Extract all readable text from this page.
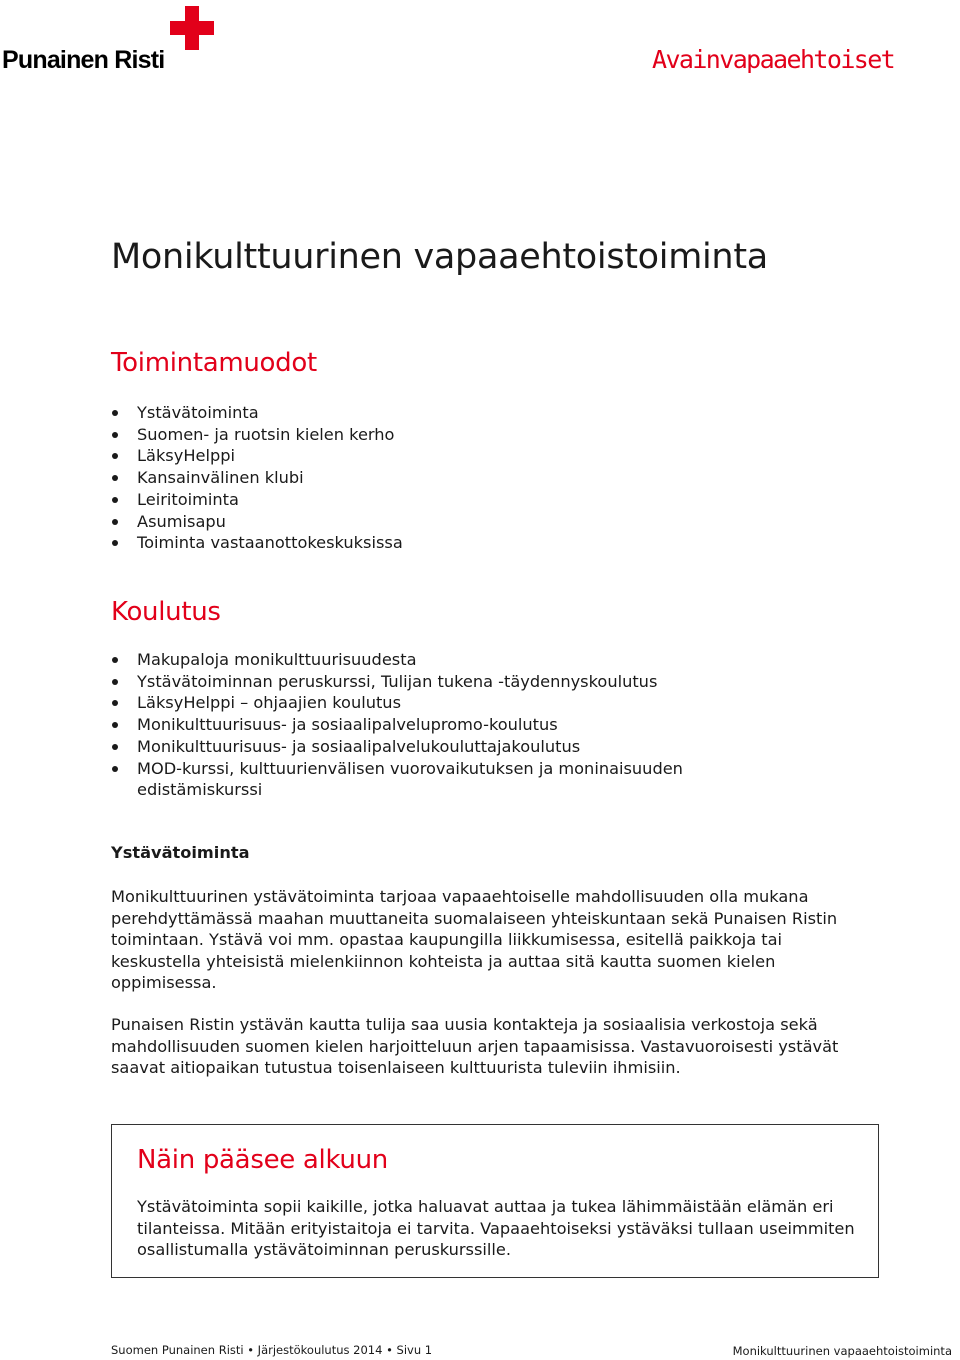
Punainen Risti	Avainvapaaehtoiset
Monikulttuurinen vapaaehtoistoiminta
Toimintamuodot
Ystävätoiminta
Suomen- ja ruotsin kielen kerho
LäksyHelppi
Kansainvälinen klubi
Leiritoiminta
Asumisapu
Toiminta vastaanottokeskuksissa
Koulutus
Makupaloja monikulttuurisuudesta
Ystävätoiminnan peruskurssi, Tulijan tukena -täydennyskoulutus
LäksyHelppi – ohjaajien koulutus
Monikulttuurisuus- ja sosiaalipalvelupromo-koulutus
Monikulttuurisuus- ja sosiaalipalvelukouluttajakoulutus
MOD-kurssi, kulttuurienvälisen vuorovaikutuksen ja moninaisuuden edistämiskurssi
Ystävätoiminta

Monikulttuurinen ystävätoiminta tarjoaa vapaaehtoiselle mahdollisuuden olla mukana perehdyttämässä maahan muuttaneita suomalaiseen yhteiskuntaan sekä Punaisen Ristin toimintaan. Ystävä voi mm. opastaa kaupungilla liikkumisessa, esitellä paikkoja tai keskustella yhteisistä mielenkiinnon kohteista ja auttaa sitä kautta suomen kielen oppimisessa.

Punaisen Ristin ystävän kautta tulija saa uusia kontakteja ja sosiaalisia verkostoja sekä mahdollisuuden suomen kielen harjoitteluun arjen tapaamisissa. Vastavuoroisesti ystävät saavat aitiopaikan tutustua toisenlaiseen kulttuurista tuleviin ihmisiin.

Näin pääsee alkuun

Ystävätoiminta sopii kaikille, jotka haluavat auttaa ja tukea lähimmäistään elämän eri tilanteissa. Mitään erityistaitoja ei tarvita. Vapaaehtoiseksi ystäväksi tullaan useimmiten osallistumalla ystävätoiminnan peruskurssille.

Suomen Punainen Risti • Järjestökoulutus 2014 • Sivu 1	Monikulttuurinen vapaaehtoistoiminta
